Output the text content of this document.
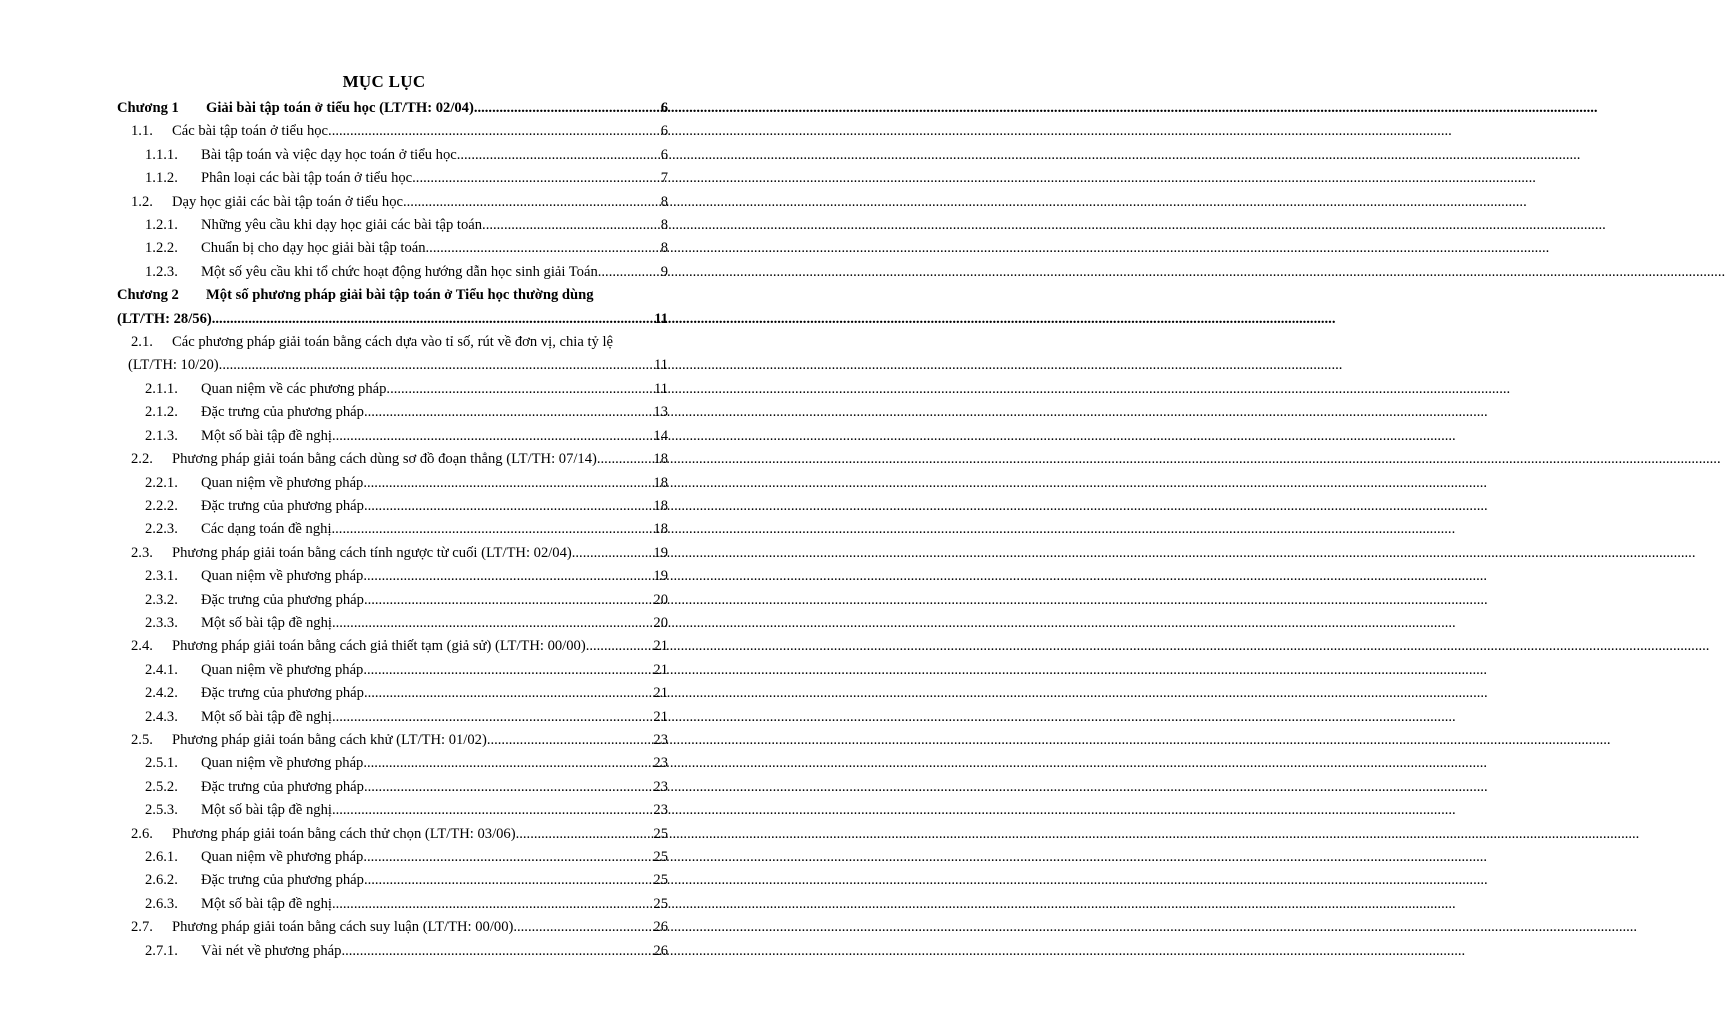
MỤC LỤC
Chương 1	Giải bài tập toán ở tiểu học (LT/TH: 02/04) .....	6
1.1.	Các bài tập toán ở tiểu học .....	6
1.1.1.	Bài tập toán và việc dạy học toán ở tiểu học .....	6
1.1.2.	Phân loại các bài tập toán ở tiểu học .....	7
1.2.	Dạy học giải các bài tập toán ở tiểu học .....	8
1.2.1.	Những yêu cầu khi dạy học giải các bài tập toán .....	8
1.2.2.	Chuẩn bị cho dạy học giải bài tập toán .....	8
1.2.3.	Một số yêu cầu khi tổ chức hoạt động hướng dẫn học sinh giải Toán. .....	9
Chương 2	Một số phương pháp giải bài tập toán ở Tiểu học thường dùng
(LT/TH: 28/56) .....	11
2.1.	Các phương pháp giải toán bằng cách dựa vào tỉ số, rút về đơn vị, chia tỷ lệ
(LT/TH: 10/20) .....	11
2.1.1.	Quan niệm về các phương pháp .....	11
2.1.2.	Đặc trưng của phương pháp .....	13
2.1.3.	Một số bài tập đề nghị .....	14
2.2.	Phương pháp giải toán bằng cách dùng sơ đồ đoạn thẳng (LT/TH: 07/14) .....	18
2.2.1.	Quan niệm về phương pháp .....	18
2.2.2.	Đặc trưng của phương pháp .....	18
2.2.3.	Các dạng toán đề nghị .....	18
2.3.	Phương pháp giải toán bằng cách tính ngược từ cuối (LT/TH: 02/04) .....	19
2.3.1.	Quan niệm về phương pháp .....	19
2.3.2.	Đặc trưng của phương pháp .....	20
2.3.3.	Một số bài tập đề nghị .....	20
2.4.	Phương pháp giải toán bằng cách giả thiết tạm (giả sử) (LT/TH: 00/00) .....	21
2.4.1.	Quan niệm về phương pháp .....	21
2.4.2.	Đặc trưng của phương pháp .....	21
2.4.3.	Một số bài tập đề nghị .....	21
2.5.	Phương pháp giải toán bằng cách khử (LT/TH: 01/02) .....	23
2.5.1.	Quan niệm về phương pháp .....	23
2.5.2.	Đặc trưng của phương pháp .....	23
2.5.3.	Một số bài tập đề nghị .....	23
2.6.	Phương pháp giải toán bằng cách thử chọn (LT/TH: 03/06) .....	25
2.6.1.	Quan niệm về phương pháp .....	25
2.6.2.	Đặc trưng của phương pháp .....	25
2.6.3.	Một số bài tập đề nghị .....	25
2.7.	Phương pháp giải toán bằng cách suy luận (LT/TH: 00/00) .....	26
2.7.1.	Vài nét về phương pháp .....	26
